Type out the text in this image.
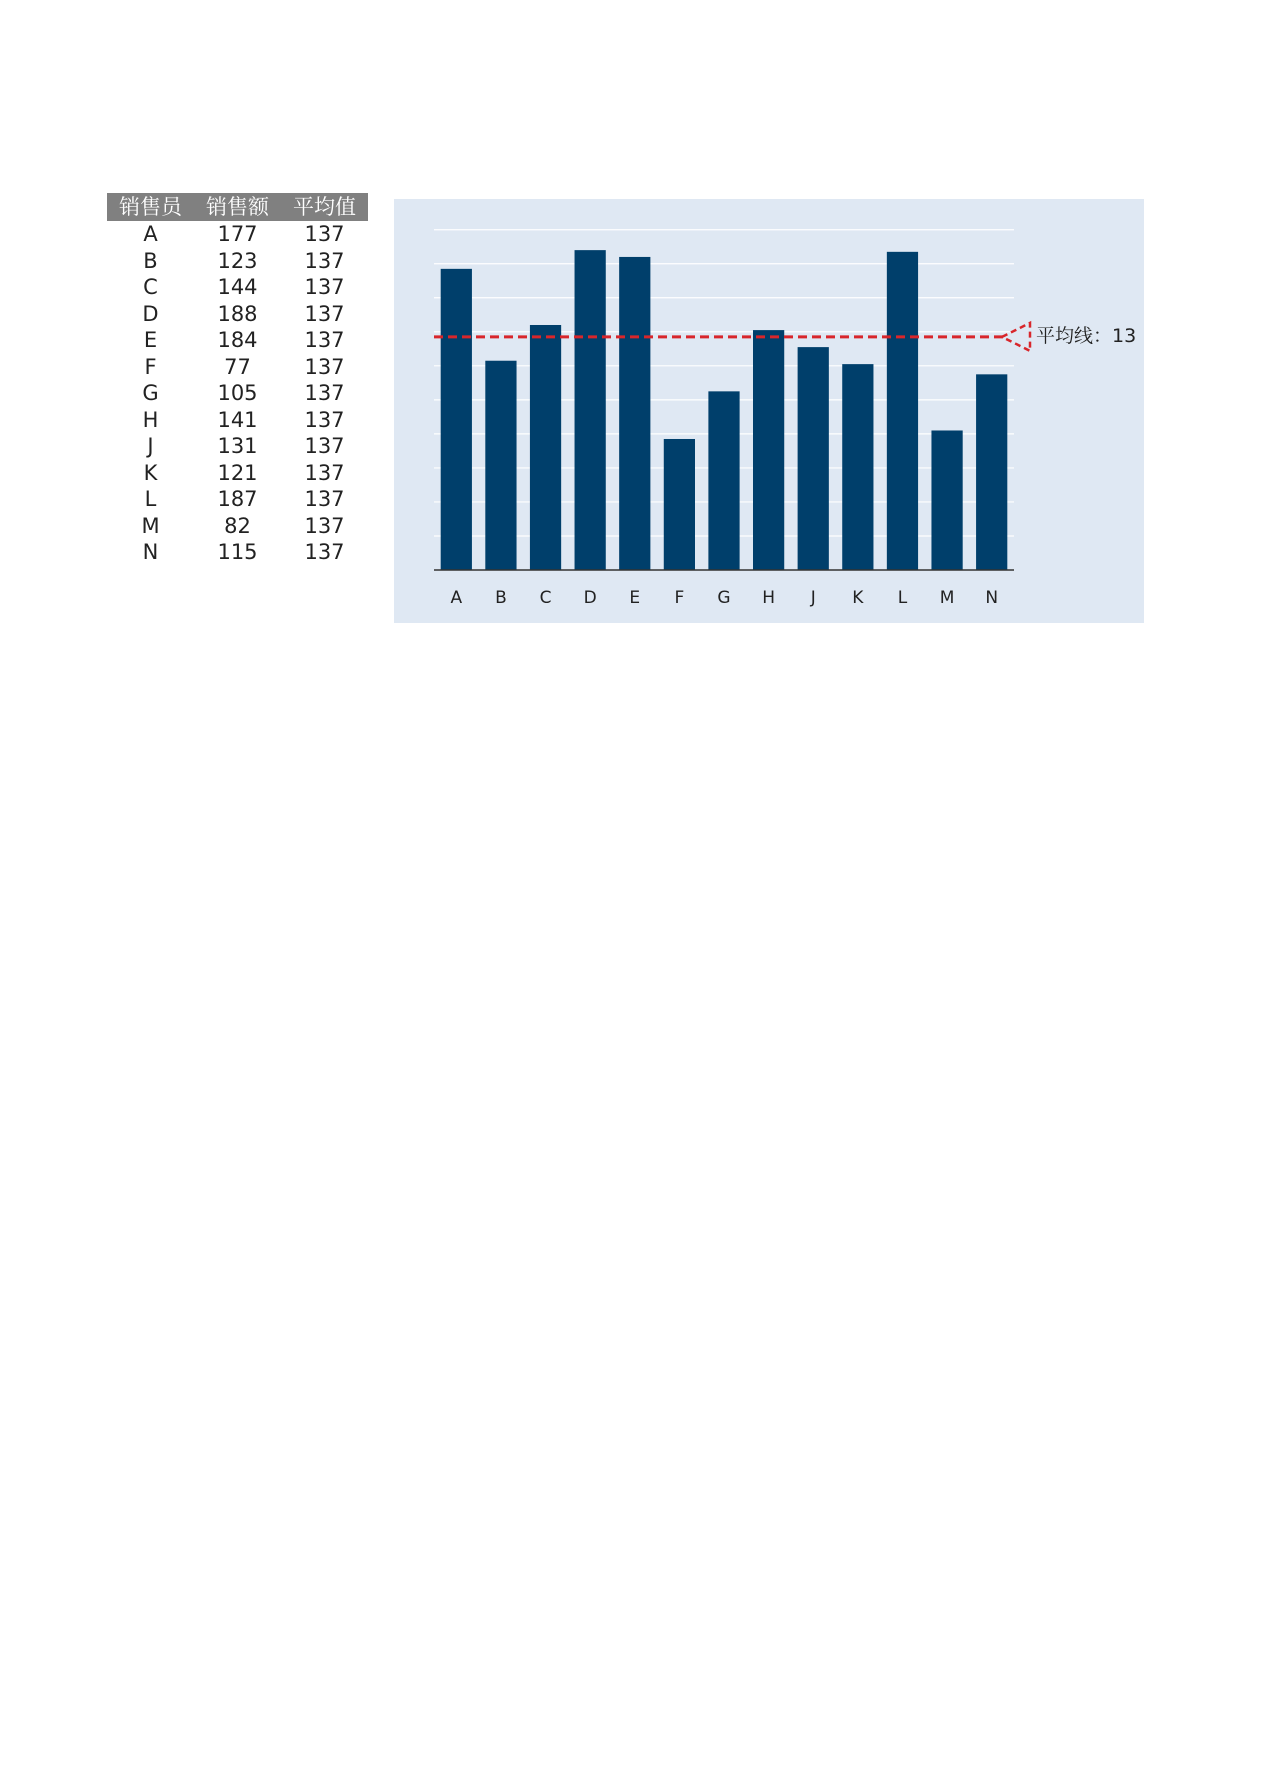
销售员	销售额	平均值
A	177	137
B	123	137
C	144	137
D	188	137
E	184	137
F	77	137
G	105	137
H	141	137
J	131	137
K	121	137
L	187	137
M	82	137
N	115	137
A B C D E F G H J K L M N
平均线：13
